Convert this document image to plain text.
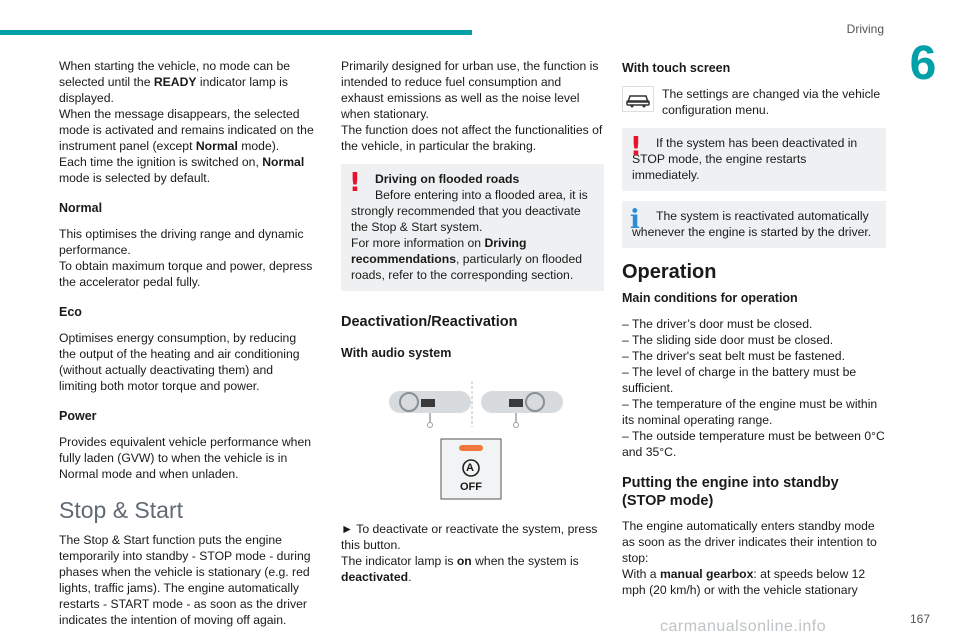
Driving
6

When starting the vehicle, no mode can be selected until the READY indicator lamp is displayed.

When the message disappears, the selected mode is activated and remains indicated on the instrument panel (except Normal mode).

Each time the ignition is switched on, Normal mode is selected by default.

Normal

This optimises the driving range and dynamic performance.

To obtain maximum torque and power, depress the accelerator pedal fully.

Eco

Optimises energy consumption, by reducing the output of the heating and air conditioning (without actually deactivating them) and limiting both motor torque and power.

Power

Provides equivalent vehicle performance when fully laden (GVW) to when the vehicle is in Normal mode and when unladen.

Stop & Start

The Stop & Start function puts the engine temporarily into standby - STOP mode - during phases when the vehicle is stationary (e.g. red lights, traffic jams). The engine automatically restarts - START mode - as soon as the driver indicates the intention of moving off again.

Primarily designed for urban use, the function is intended to reduce fuel consumption and exhaust emissions as well as the noise level when stationary.

The function does not affect the functionalities of the vehicle, in particular the braking.

!	Driving on flooded roads
Before entering into a flooded area, it is strongly recommended that you deactivate the Stop & Start system.
For more information on Driving recommendations, particularly on flooded roads, refer to the corresponding section.
Deactivation/Reactivation
With audio system
A
OFF

► To deactivate or reactivate the system, press this button.

The indicator lamp is on when the system is deactivated.

With touch screen
The settings are changed via the vehicle configuration menu.
!	If the system has been deactivated in STOP mode, the engine restarts immediately.
i	The system is reactivated automatically whenever the engine is started by the driver.
Operation
Main conditions for operation
– The driver’s door must be closed.
– The sliding side door must be closed.
– The driver's seat belt must be fastened.
– The level of charge in the battery must be sufficient.
– The temperature of the engine must be within its nominal operating range.
– The outside temperature must be between 0°C and 35°C.
Putting the engine into standby (STOP mode)

The engine automatically enters standby mode as soon as the driver indicates their intention to stop:

With a manual gearbox: at speeds below 12 mph (20 km/h) or with the vehicle stationary

carmanualsonline.info	167
